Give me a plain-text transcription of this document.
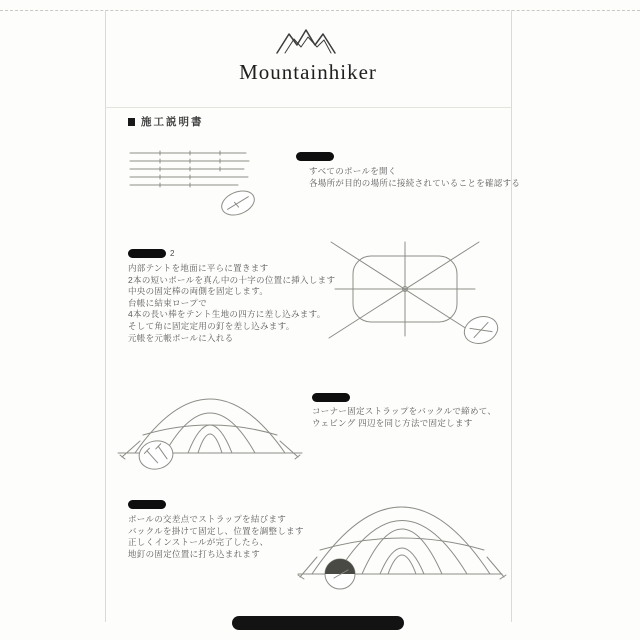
Mountainhiker
施工説明書
すべてのポールを開く
各場所が目的の場所に接続されていることを確認する
2
内部テントを地面に平らに置きます
2本の短いポールを真ん中の十字の位置に挿入します
中央の固定棒の両側を固定します。
台帳に結束ロープで
4本の長い棒をテント生地の四方に差し込みます。
そして角に固定定用の釘を差し込みます。
元帳を元帳ポールに入れる
コーナー固定ストラップをバックルで締めて、
ウェビング 四辺を同じ方法で固定します
ポールの交差点でストラップを結びます
バックルを掛けて固定し、位置を調整します
正しくインストールが完了したら、
地釘の固定位置に打ち込まれます
